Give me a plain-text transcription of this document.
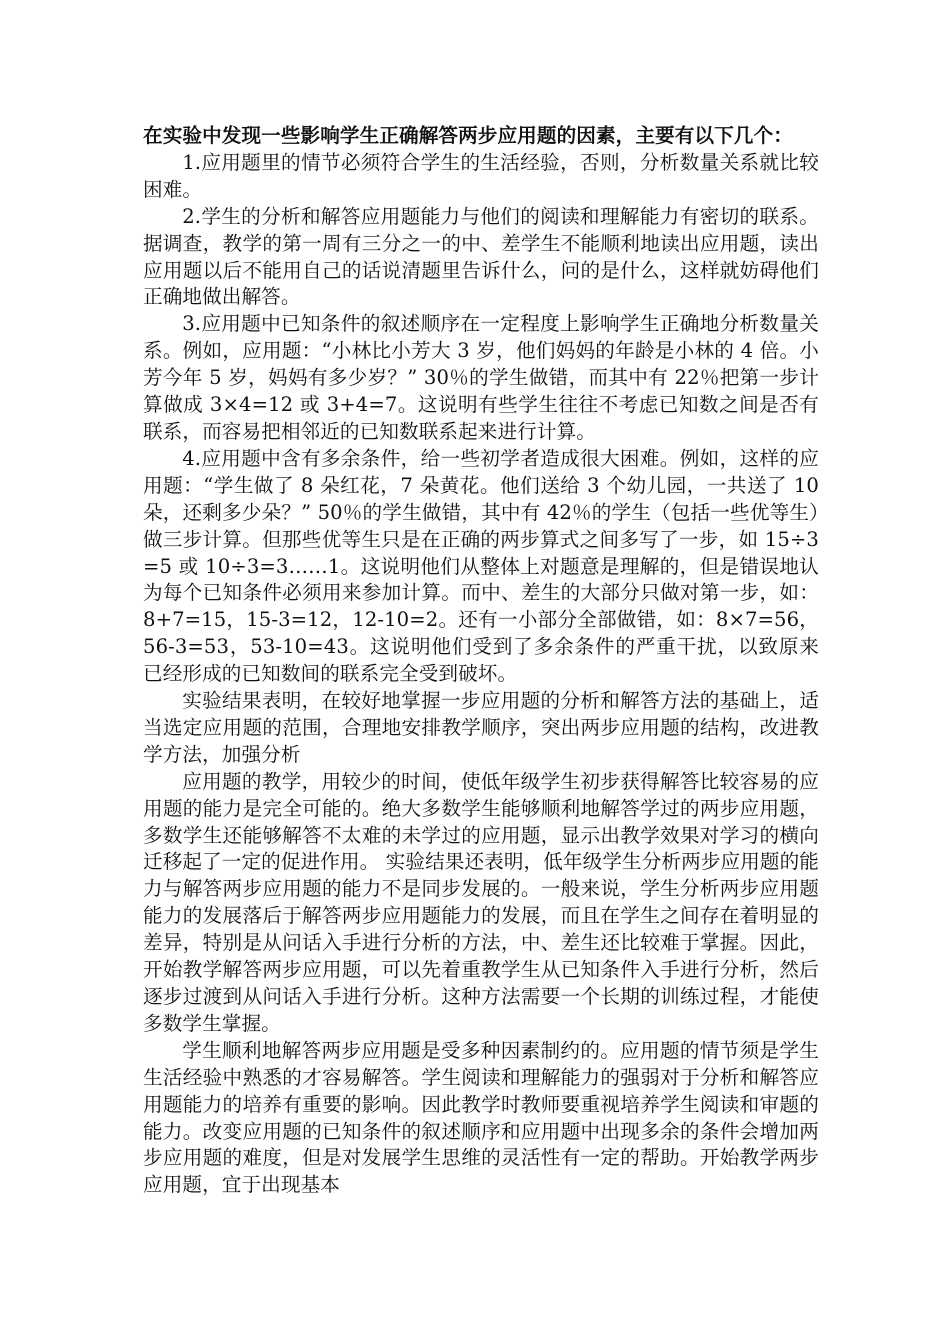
在实验中发现一些影响学生正确解答两步应用题的因素，主要有以下几个：

1.应用题里的情节必须符合学生的生活经验，否则，分析数量关系就比较困难。

2.学生的分析和解答应用题能力与他们的阅读和理解能力有密切的联系。据调查，教学的第一周有三分之一的中、差学生不能顺利地读出应用题，读出应用题以后不能用自己的话说清题里告诉什么，问的是什么，这样就妨碍他们正确地做出解答。

3.应用题中已知条件的叙述顺序在一定程度上影响学生正确地分析数量关系。例如，应用题：“小林比小芳大 3 岁，他们妈妈的年龄是小林的 4 倍。小芳今年 5 岁，妈妈有多少岁？” 30％的学生做错，而其中有 22％把第一步计算做成 3×4=12 或 3+4=7。这说明有些学生往往不考虑已知数之间是否有联系，而容易把相邻近的已知数联系起来进行计算。

4.应用题中含有多余条件，给一些初学者造成很大困难。例如，这样的应用题：“学生做了 8 朵红花，7 朵黄花。他们送给 3 个幼儿园，一共送了 10 朵，还剩多少朵？” 50％的学生做错，其中有 42％的学生（包括一些优等生）做三步计算。但那些优等生只是在正确的两步算式之间多写了一步，如 15÷3=5 或 10÷3=3……1。这说明他们从整体上对题意是理解的，但是错误地认为每个已知条件必须用来参加计算。而中、差生的大部分只做对第一步，如：8+7=15，15-3=12，12-10=2。还有一小部分全部做错，如：8×7=56，56-3=53，53-10=43。这说明他们受到了多余条件的严重干扰，以致原来已经形成的已知数间的联系完全受到破坏。

实验结果表明，在较好地掌握一步应用题的分析和解答方法的基础上，适当选定应用题的范围，合理地安排教学顺序，突出两步应用题的结构，改进教学方法，加强分析

应用题的教学，用较少的时间，使低年级学生初步获得解答比较容易的应用题的能力是完全可能的。绝大多数学生能够顺利地解答学过的两步应用题，多数学生还能够解答不太难的未学过的应用题，显示出教学效果对学习的横向迁移起了一定的促进作用。 实验结果还表明，低年级学生分析两步应用题的能力与解答两步应用题的能力不是同步发展的。一般来说，学生分析两步应用题能力的发展落后于解答两步应用题能力的发展，而且在学生之间存在着明显的差异，特别是从问话入手进行分析的方法，中、差生还比较难于掌握。因此，开始教学解答两步应用题，可以先着重教学生从已知条件入手进行分析，然后逐步过渡到从问话入手进行分析。这种方法需要一个长期的训练过程，才能使多数学生掌握。

学生顺利地解答两步应用题是受多种因素制约的。应用题的情节须是学生生活经验中熟悉的才容易解答。学生阅读和理解能力的强弱对于分析和解答应用题能力的培养有重要的影响。因此教学时教师要重视培养学生阅读和审题的能力。改变应用题的已知条件的叙述顺序和应用题中出现多余的条件会增加两步应用题的难度，但是对发展学生思维的灵活性有一定的帮助。开始教学两步应用题，宜于出现基本
